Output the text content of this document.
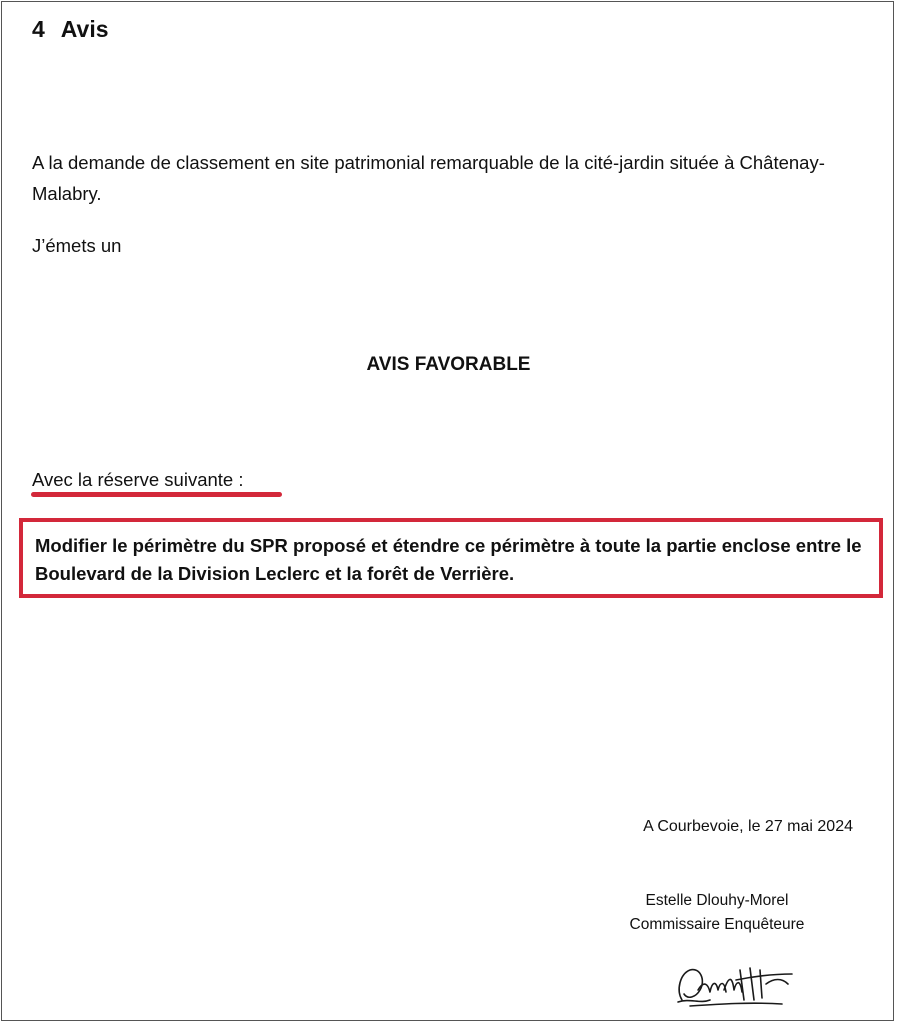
4 Avis

A la demande de classement en site patrimonial remarquable de la cité-jardin située à Châtenay-Malabry.

J’émets un

AVIS FAVORABLE

Avec la réserve suivante :

Modifier le périmètre du SPR proposé et étendre ce périmètre à toute la partie enclose entre le Boulevard de la Division Leclerc et la forêt de Verrière.

A Courbevoie, le 27 mai 2024

Estelle Dlouhy-Morel

Commissaire Enquêteure
